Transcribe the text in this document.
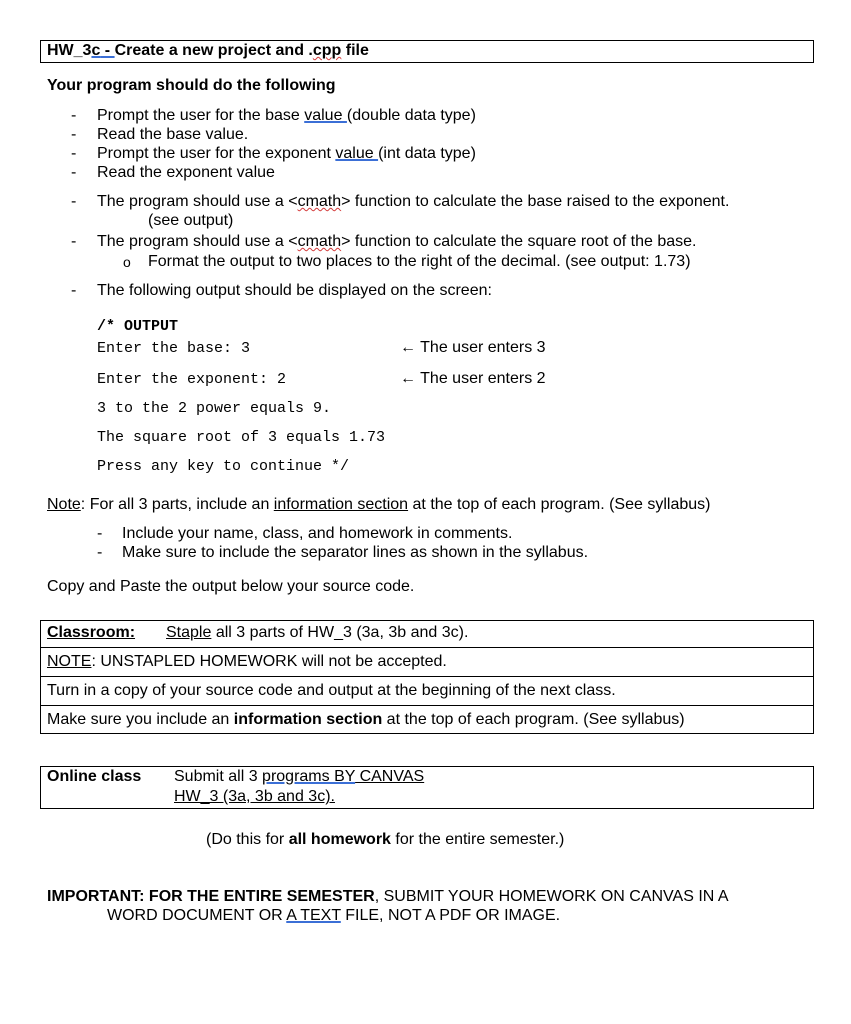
HW_3c - Create a new project and .cpp file
Your program should do the following
- Prompt the user for the base value (double data type)
- Read the base value.
- Prompt the user for the exponent value (int data type)
- Read the exponent value
- The program should use a <cmath> function to calculate the base raised to the exponent.
(see output)
- The program should use a <cmath> function to calculate the square root of the base.
o Format the output to two places to the right of the decimal. (see output: 1.73)
- The following output should be displayed on the screen:
/* OUTPUT
Enter the base: 3	← The user enters 3
Enter the exponent: 2	← The user enters 2
3 to the 2 power equals 9.
The square root of 3 equals 1.73
Press any key to continue */
Note: For all 3 parts, include an information section at the top of each program. (See syllabus)
- Include your name, class, and homework in comments.
- Make sure to include the separator lines as shown in the syllabus.
Copy and Paste the output below your source code.
Classroom: Staple all 3 parts of HW_3 (3a, 3b and 3c).
NOTE: UNSTAPLED HOMEWORK will not be accepted.
Turn in a copy of your source code and output at the beginning of the next class.
Make sure you include an information section at the top of each program. (See syllabus)
Online class Submit all 3 programs BY CANVAS
HW_3 (3a, 3b and 3c).
(Do this for all homework for the entire semester.)
IMPORTANT: FOR THE ENTIRE SEMESTER, SUBMIT YOUR HOMEWORK ON CANVAS IN A
WORD DOCUMENT OR A TEXT FILE, NOT A PDF OR IMAGE.
